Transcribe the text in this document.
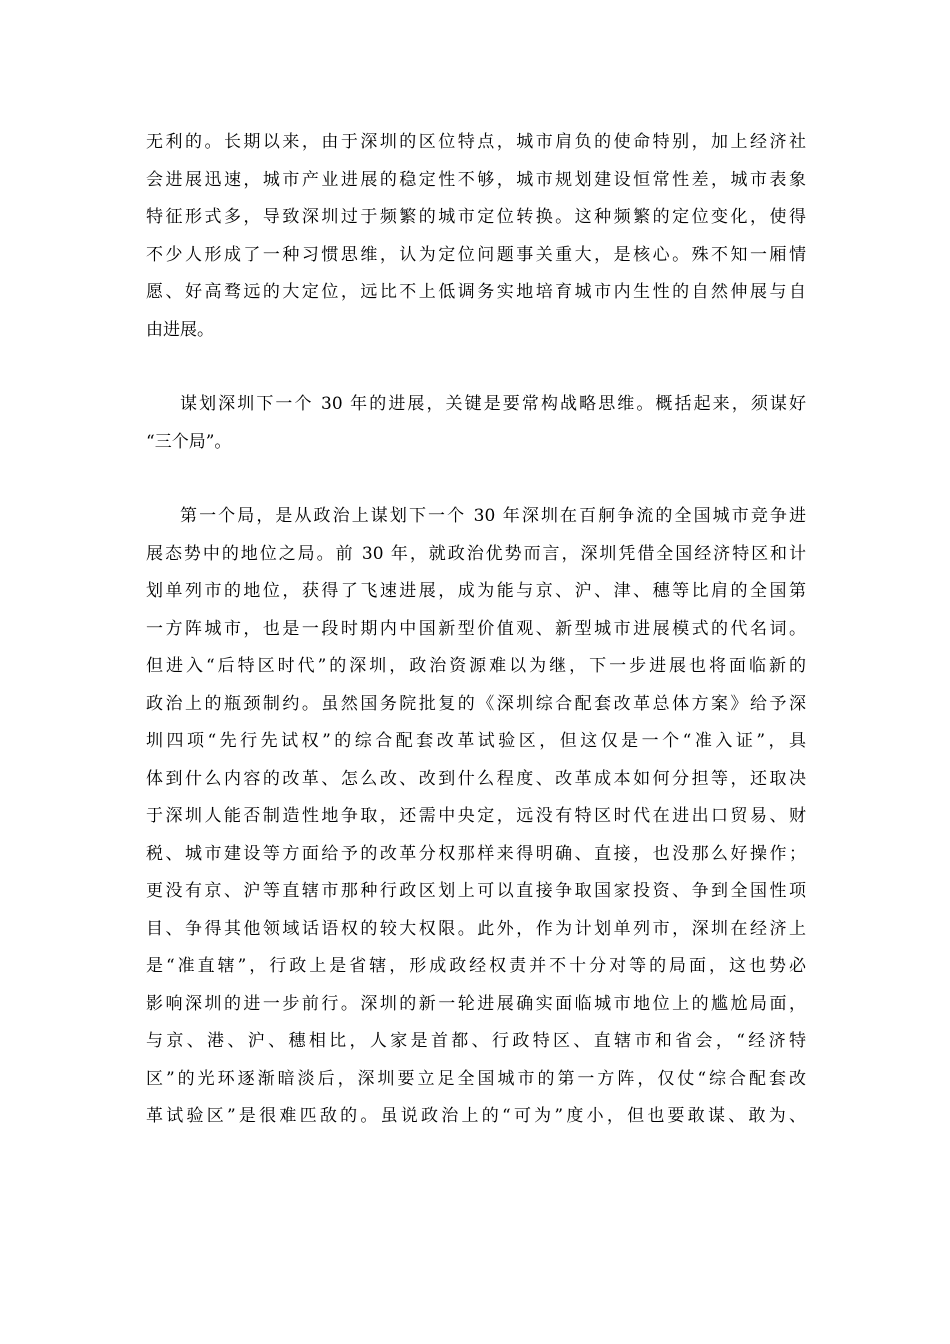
无利的。长期以来，由于深圳的区位特点，城市肩负的使命特别，加上经济社
会进展迅速，城市产业进展的稳定性不够，城市规划建设恒常性差，城市表象
特征形式多，导致深圳过于频繁的城市定位转换。这种频繁的定位变化，使得
不少人形成了一种习惯思维，认为定位问题事关重大，是核心。殊不知一厢情
愿、好高骛远的大定位，远比不上低调务实地培育城市内生性的自然伸展与自
由进展。
谋划深圳下一个 30 年的进展，关键是要常构战略思维。概括起来，须谋好
“三个局”。
第一个局，是从政治上谋划下一个 30 年深圳在百舸争流的全国城市竞争进
展态势中的地位之局。前 30 年，就政治优势而言，深圳凭借全国经济特区和计
划单列市的地位，获得了飞速进展，成为能与京、沪、津、穗等比肩的全国第
一方阵城市，也是一段时期内中国新型价值观、新型城市进展模式的代名词。
但进入“后特区时代”的深圳，政治资源难以为继，下一步进展也将面临新的
政治上的瓶颈制约。虽然国务院批复的《深圳综合配套改革总体方案》给予深
圳四项“先行先试权”的综合配套改革试验区，但这仅是一个“准入证”，具
体到什么内容的改革、怎么改、改到什么程度、改革成本如何分担等，还取决
于深圳人能否制造性地争取，还需中央定，远没有特区时代在进出口贸易、财
税、城市建设等方面给予的改革分权那样来得明确、直接，也没那么好操作；
更没有京、沪等直辖市那种行政区划上可以直接争取国家投资、争到全国性项
目、争得其他领域话语权的较大权限。此外，作为计划单列市，深圳在经济上
是“准直辖”，行政上是省辖，形成政经权责并不十分对等的局面，这也势必
影响深圳的进一步前行。深圳的新一轮进展确实面临城市地位上的尴尬局面，
与京、港、沪、穗相比，人家是首都、行政特区、直辖市和省会，“经济特
区”的光环逐渐暗淡后，深圳要立足全国城市的第一方阵，仅仗“综合配套改
革试验区”是很难匹敌的。虽说政治上的“可为”度小，但也要敢谋、敢为、
